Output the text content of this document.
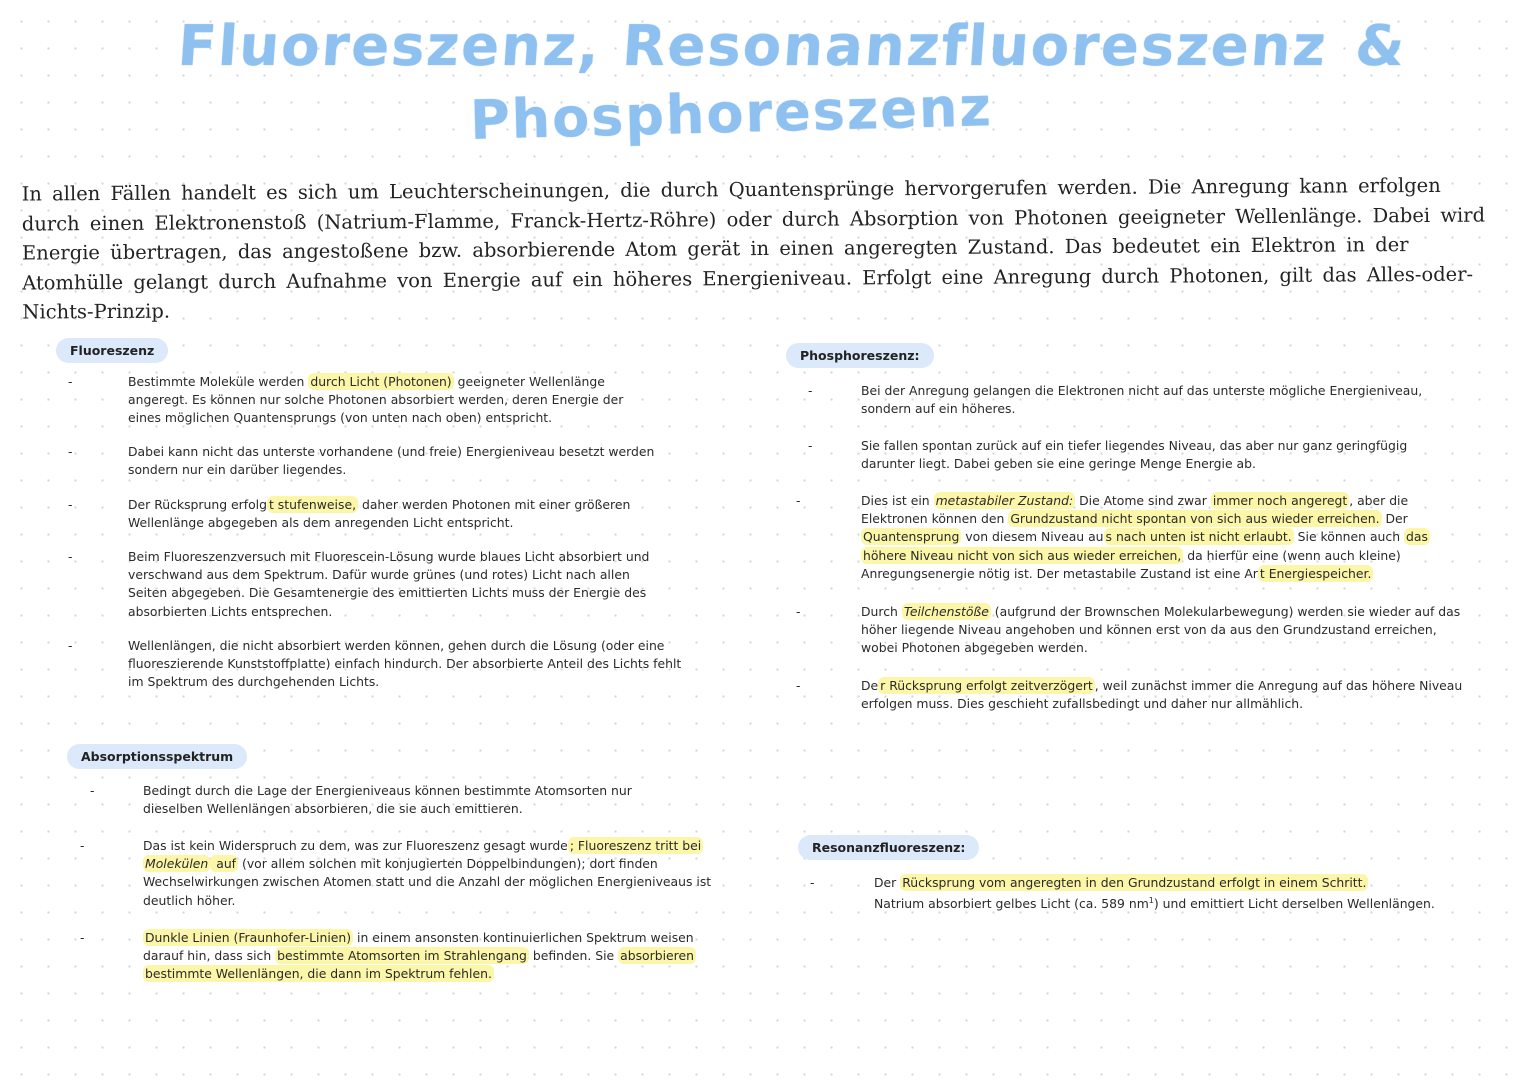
Fluoreszenz, Resonanzfluoreszenz &
Phosphoreszenz

In allen Fällen handelt es sich um Leuchterscheinungen, die durch Quantensprünge hervorgerufen werden. Die Anregung kann erfolgen durch einen Elektronenstoß (Natrium-Flamme, Franck-Hertz-Röhre) oder durch Absorption von Photonen geeigneter Wellenlänge. Dabei wird Energie übertragen, das angestoßene bzw. absorbierende Atom gerät in einen angeregten Zustand. Das bedeutet ein Elektron in der Atomhülle gelangt durch Aufnahme von Energie auf ein höheres Energieniveau. Erfolgt eine Anregung durch Photonen, gilt das Alles-oder-Nichts-Prinzip.

Fluoreszenz
-	Bestimmte Moleküle werden durch Licht (Photonen) geeigneter Wellenlänge angeregt. Es können nur solche Photonen absorbiert werden, deren Energie der eines möglichen Quantensprungs (von unten nach oben) entspricht.

-	Dabei kann nicht das unterste vorhandene (und freie) Energieniveau besetzt werden sondern nur ein darüber liegendes.

-	Der Rücksprung erfolg t stufenweise, daher werden Photonen mit einer größeren Wellenlänge abgegeben als dem anregenden Licht entspricht.

-	Beim Fluoreszenzversuch mit Fluorescein-Lösung wurde blaues Licht absorbiert und verschwand aus dem Spektrum. Dafür wurde grünes (und rotes) Licht nach allen Seiten abgegeben. Die Gesamtenergie des emittierten Lichts muss der Energie des absorbierten Lichts entsprechen.

-	Wellenlängen, die nicht absorbiert werden können, gehen durch die Lösung (oder eine fluoreszierende Kunststoffplatte) einfach hindurch. Der absorbierte Anteil des Lichts fehlt im Spektrum des durchgehenden Lichts.

Absorptionsspektrum
-	Bedingt durch die Lage der Energieniveaus können bestimmte Atomsorten nur dieselben Wellenlängen absorbieren, die sie auch emittieren.

-	Das ist kein Widerspruch zu dem, was zur Fluoreszenz gesagt wurde ; Fluoreszenz tritt bei Molekülen auf (vor allem solchen mit konjugierten Doppelbindungen); dort finden Wechselwirkungen zwischen Atomen statt und die Anzahl der möglichen Energieniveaus ist deutlich höher.

-	Dunkle Linien (Fraunhofer-Linien) in einem ansonsten kontinuierlichen Spektrum weisen darauf hin, dass sich bestimmte Atomsorten im Strahlengang befinden. Sie absorbieren bestimmte Wellenlängen, die dann im Spektrum fehlen.

Phosphoreszenz:
-	Bei der Anregung gelangen die Elektronen nicht auf das unterste mögliche Energieniveau, sondern auf ein höheres.

-	Sie fallen spontan zurück auf ein tiefer liegendes Niveau, das aber nur ganz geringfügig darunter liegt. Dabei geben sie eine geringe Menge Energie ab.

-	Dies ist ein metastabiler Zustand: Die Atome sind zwar immer noch angeregt , aber die Elektronen können den Grundzustand nicht spontan von sich aus wieder erreichen. Der Quantensprung von diesem Niveau au s nach unten ist nicht erlaubt. Sie können auch das höhere Niveau nicht von sich aus wieder erreichen, da hierfür eine (wenn auch kleine) Anregungsenergie nötig ist. Der metastabile Zustand ist eine Ar t Energiespeicher.

-	Durch Teilchenstöße (aufgrund der Brownschen Molekularbewegung) werden sie wieder auf das höher liegende Niveau angehoben und können erst von da aus den Grundzustand erreichen, wobei Photonen abgegeben werden.

-	De r Rücksprung erfolgt zeitverzögert , weil zunächst immer die Anregung auf das höhere Niveau erfolgen muss. Dies geschieht zufallsbedingt und daher nur allmählich.

Resonanzfluoreszenz:
-	Der Rücksprung vom angeregten in den Grundzustand erfolgt in einem Schritt.
Natrium absorbiert gelbes Licht (ca. 589 $nm^1$) und emittiert Licht derselben Wellenlängen.
